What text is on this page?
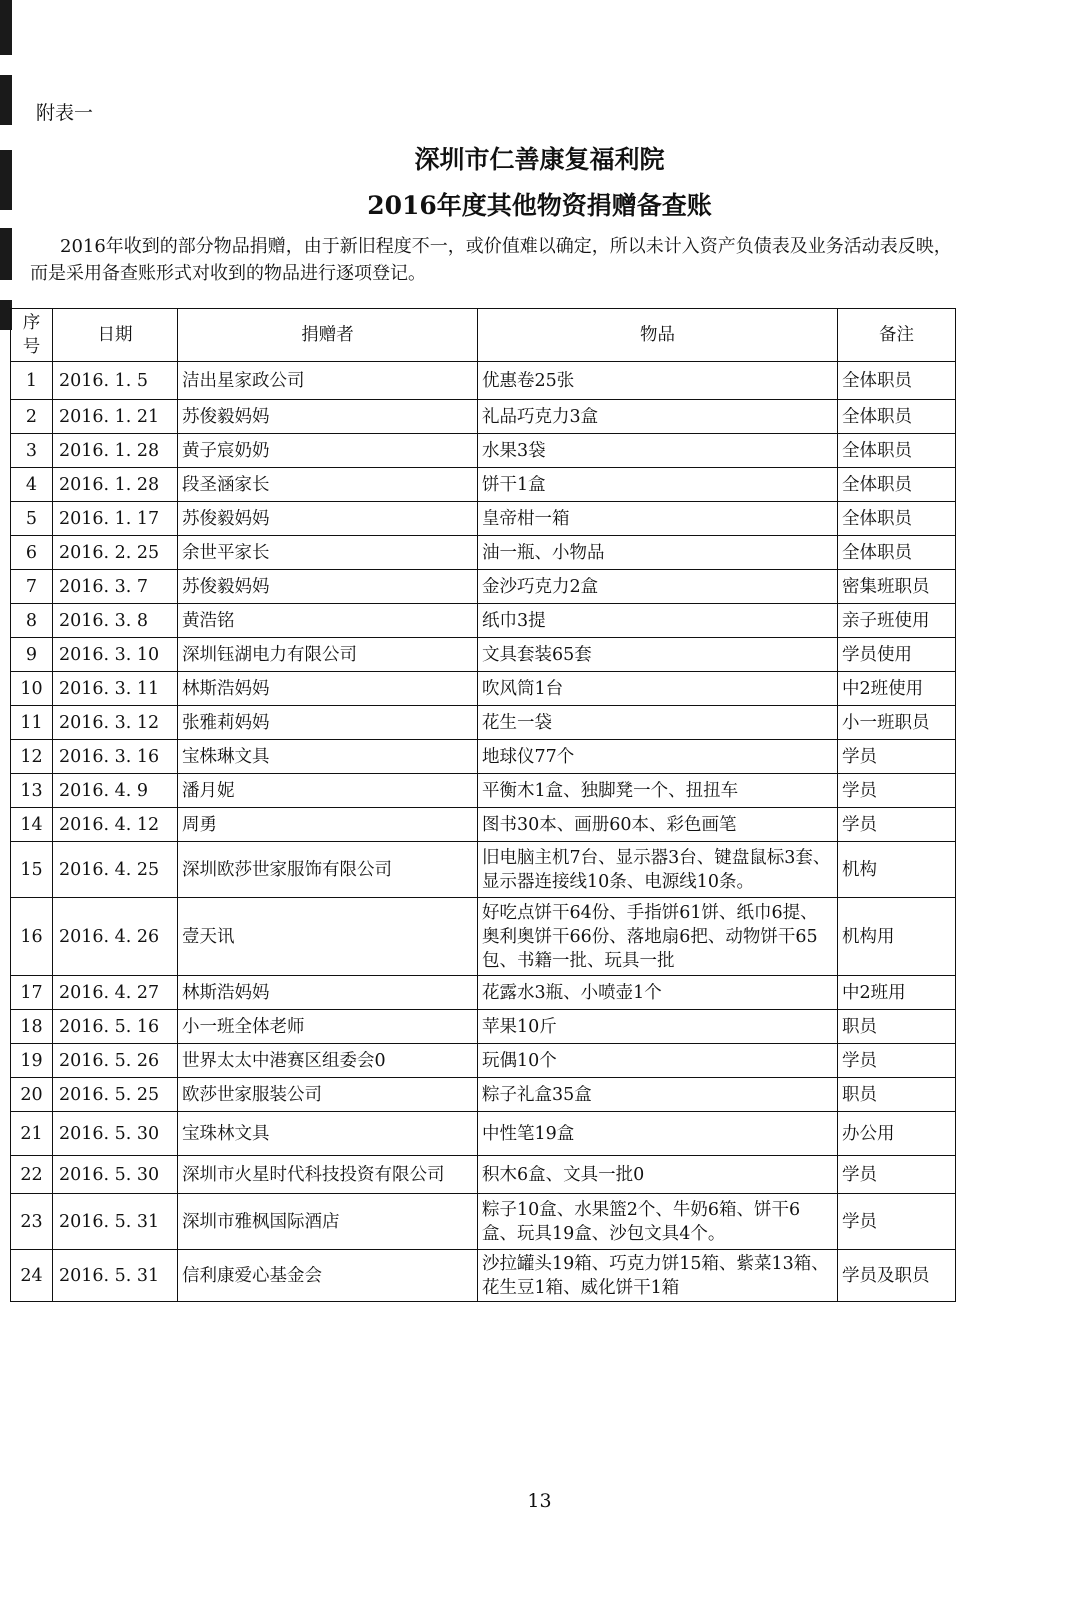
附表一
深圳市仁善康复福利院
2016年度其他物资捐赠备查账
2016年收到的部分物品捐赠，由于新旧程度不一，或价值难以确定，所以未计入资产负债表及业务活动表反映，而是采用备查账形式对收到的物品进行逐项登记。
序号	日期	捐赠者	物品	备注
1	2016. 1. 5	洁出星家政公司	优惠卷25张	全体职员
2	2016. 1. 21	苏俊毅妈妈	礼品巧克力3盒	全体职员
3	2016. 1. 28	黄子宸奶奶	水果3袋	全体职员
4	2016. 1. 28	段圣涵家长	饼干1盒	全体职员
5	2016. 1. 17	苏俊毅妈妈	皇帝柑一箱	全体职员
6	2016. 2. 25	余世平家长	油一瓶、小物品	全体职员
7	2016. 3. 7	苏俊毅妈妈	金沙巧克力2盒	密集班职员
8	2016. 3. 8	黄浩铭	纸巾3提	亲子班使用
9	2016. 3. 10	深圳钰湖电力有限公司	文具套装65套	学员使用
10	2016. 3. 11	林斯浩妈妈	吹风筒1台	中2班使用
11	2016. 3. 12	张雅莉妈妈	花生一袋	小一班职员
12	2016. 3. 16	宝株琳文具	地球仪77个	学员
13	2016. 4. 9	潘月妮	平衡木1盒、独脚凳一个、扭扭车	学员
14	2016. 4. 12	周勇	图书30本、画册60本、彩色画笔	学员
15	2016. 4. 25	深圳欧莎世家服饰有限公司	旧电脑主机7台、显示器3台、键盘鼠标3套、显示器连接线10条、电源线10条。	机构
16	2016. 4. 26	壹天讯	好吃点饼干64份、手指饼61饼、纸巾6提、奥利奥饼干66份、落地扇6把、动物饼干65包、书籍一批、玩具一批	机构用
17	2016. 4. 27	林斯浩妈妈	花露水3瓶、小喷壶1个	中2班用
18	2016. 5. 16	小一班全体老师	苹果10斤	职员
19	2016. 5. 26	世界太太中港赛区组委会0	玩偶10个	学员
20	2016. 5. 25	欧莎世家服装公司	粽子礼盒35盒	职员
21	2016. 5. 30	宝珠林文具	中性笔19盒	办公用
22	2016. 5. 30	深圳市火星时代科技投资有限公司	积木6盒、文具一批0	学员
23	2016. 5. 31	深圳市雅枫国际酒店	粽子10盒、水果篮2个、牛奶6箱、饼干6盒、玩具19盒、沙包文具4个。	学员
24	2016. 5. 31	信利康爱心基金会	沙拉罐头19箱、巧克力饼15箱、紫菜13箱、花生豆1箱、威化饼干1箱	学员及职员
13
